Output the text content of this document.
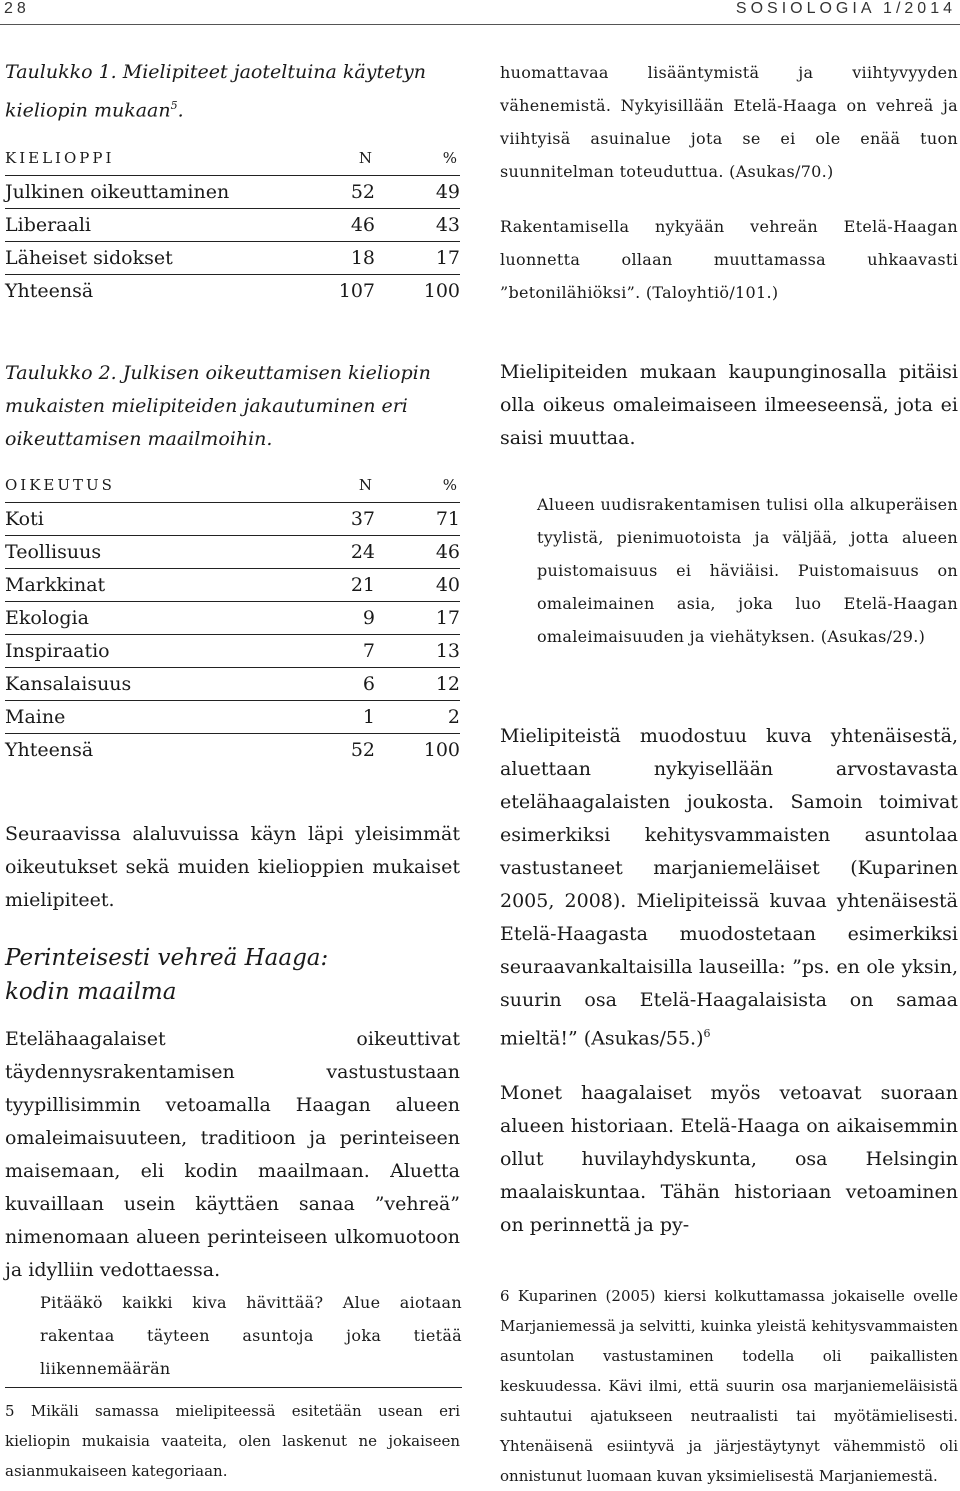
28	SOSIOLOGIA 1/2014

Taulukko 1. Mielipiteet jaoteltuina käytetyn kieliopin mukaan$^5$.

KIELIOPPI	N	%
Julkinen oikeuttaminen	52	49
Liberaali	46	43
Läheiset sidokset	18	17
Yhteensä	107	100

Taulukko 2. Julkisen oikeuttamisen kieliopin mukaisten mielipiteiden jakautuminen eri oikeuttamisen maailmoihin.

OIKEUTUS	N	%
Koti	37	71
Teollisuus	24	46
Markkinat	21	40
Ekologia	9	17
Inspiraatio	7	13
Kansalaisuus	6	12
Maine	1	2
Yhteensä	52	100

Seuraavissa alaluvuissa käyn läpi yleisimmät oikeutukset sekä muiden kielioppien mukaiset mielipiteet.

Perinteisesti vehreä Haaga:
kodin maailma

Etelähaagalaiset oikeuttivat täydennysrakentamisen vastustustaan tyypillisimmin vetoamalla Haagan alueen omaleimaisuuteen, traditioon ja perinteiseen maisemaan, eli kodin maailmaan. Aluetta kuvaillaan usein käyttäen sanaa ”vehreä” nimenomaan alueen perinteiseen ulkomuotoon ja idylliin vedottaessa.

Pitääkö kaikki kiva hävittää? Alue aiotaan rakentaa täyteen asuntoja joka tietää liikennemäärän

5 Mikäli samassa mielipiteessä esitetään usean eri kieliopin mukaisia vaateita, olen laskenut ne jokaiseen asianmukaiseen kategoriaan.

huomattavaa lisääntymistä ja viihtyvyyden vähenemistä. Nykyisillään Etelä-Haaga on vehreä ja viihtyisä asuinalue jota se ei ole enää tuon suunnitelman toteuduttua. (Asukas/70.)

Rakentamisella nykyään vehreän Etelä-Haagan luonnetta ollaan muuttamassa uhkaavasti ”betonilähiöksi”. (Taloyhtiö/101.)

Mielipiteiden mukaan kaupunginosalla pitäisi olla oikeus omaleimaiseen ilmeeseensä, jota ei saisi muuttaa.

Alueen uudisrakentamisen tulisi olla alkuperäisen tyylistä, pienimuotoista ja väljää, jotta alueen puistomaisuus ei häviäisi. Puistomaisuus on omaleimainen asia, joka luo Etelä-Haagan omaleimaisuuden ja viehätyksen. (Asukas/29.)

Mielipiteistä muodostuu kuva yhtenäisestä, aluettaan nykyisellään arvostavasta etelähaagalaisten joukosta. Samoin toimivat esimerkiksi kehitysvammaisten asuntolaa vastustaneet marjaniemeläiset (Kuparinen 2005, 2008). Mielipiteissä kuvaa yhtenäisestä Etelä-Haagasta muodostetaan esimerkiksi seuraavankaltaisilla lauseilla: ”ps. en ole yksin, suurin osa Etelä-Haagalaisista on samaa mieltä!” (Asukas/55.)$^6$

Monet haagalaiset myös vetoavat suoraan alueen historiaan. Etelä-Haaga on aikaisemmin ollut huvilayhdyskunta, osa Helsingin maalaiskuntaa. Tähän historiaan vetoaminen on perinnettä ja py-

6 Kuparinen (2005) kiersi kolkuttamassa jokaiselle ovelle Marjaniemessä ja selvitti, kuinka yleistä kehitysvammaisten asuntolan vastustaminen todella oli paikallisten keskuudessa. Kävi ilmi, että suurin osa marjaniemeläisistä suhtautui ajatukseen neutraalisti tai myötämielisesti. Yhtenäisenä esiintyvä ja järjestäytynyt vähemmistö oli onnistunut luomaan kuvan yksimielisestä Marjaniemestä.
